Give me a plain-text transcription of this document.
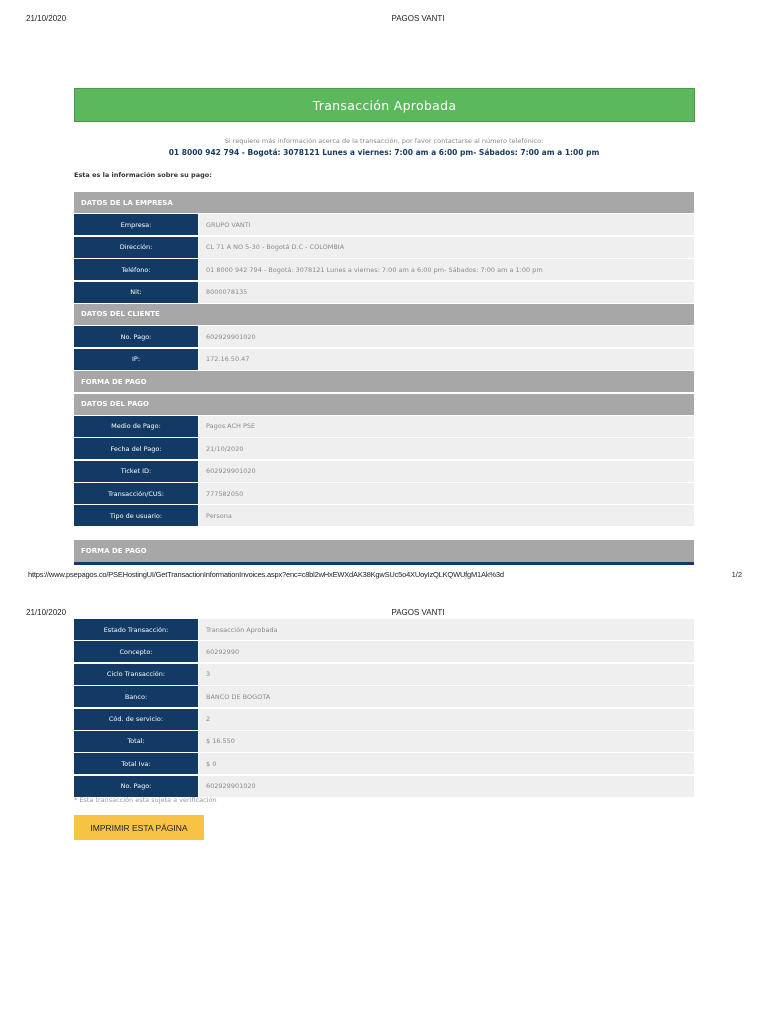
21/10/2020	PAGOS VANTI
Transacción Aprobada
Si requiere más información acerca de la transacción, por favor contactarse al número telefónico:
01 8000 942 794 - Bogotá: 3078121 Lunes a viernes: 7:00 am a 6:00 pm- Sábados: 7:00 am a 1:00 pm
Esta es la información sobre su pago:
DATOS DE LA EMPRESA
Empresa:	GRUPO VANTI
Dirección:	CL 71 A NO 5-30 - Bogotá D.C - COLOMBIA
Teléfono:	01 8000 942 794 - Bogotá: 3078121 Lunes a viernes: 7:00 am a 6:00 pm- Sábados: 7:00 am a 1:00 pm
Nit:	8000078135
DATOS DEL CLIENTE
No. Pago:	602929901020
IP:	172.16.50.47
FORMA DE PAGO
DATOS DEL PAGO
Medio de Pago:	Pagos ACH PSE
Fecha del Pago:	21/10/2020
Ticket ID:	602929901020
Transacción/CUS:	777582050
Tipo de usuario:	Persona
FORMA DE PAGO
https://www.psepagos.co/PSEHostingUI/GetTransactionInformationInvoices.aspx?enc=c8bl2wHxEWXdAK38KgwSUc5o4XUoyIzQLKQWUfgM1Ak%3d	1/2
21/10/2020	PAGOS VANTI
Estado Transacción:	Transacción Aprobada
Concepto:	60292990
Ciclo Transacción:	3
Banco:	BANCO DE BOGOTA
Cód. de servicio:	2
Total:	$ 16.550
Total Iva:	$ 0
No. Pago:	602929901020
* Esta transacción esta sujeta a verificación
IMPRIMIR ESTA PÁGINA
